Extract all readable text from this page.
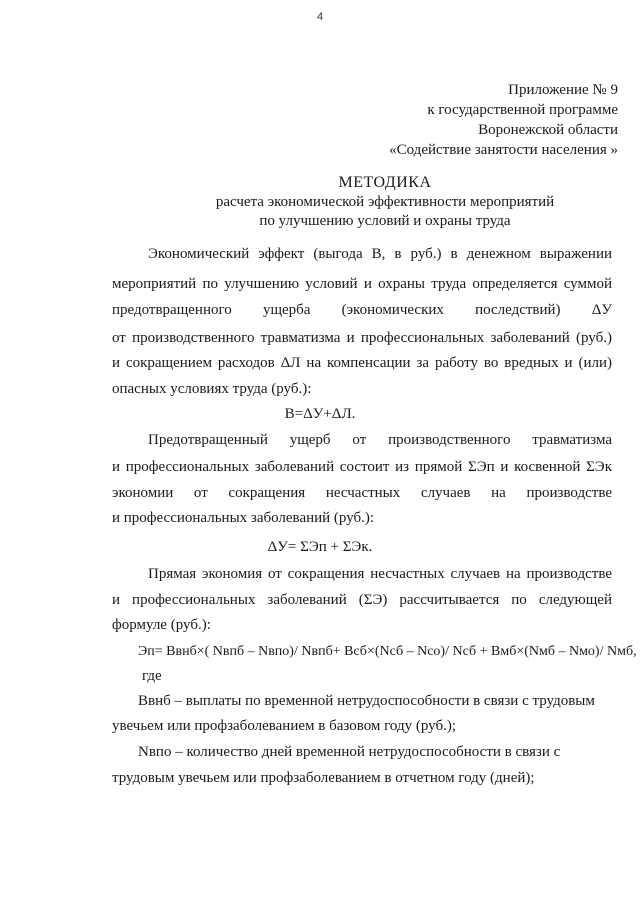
4
Приложение № 9
к государственной программе
Воронежской области
«Содействие занятости населения »
МЕТОДИКА
расчета экономической эффективности мероприятий
по улучшению условий и охраны труда
Экономический эффект (выгода В, в руб.) в денежном выражении
мероприятий по улучшению условий и охраны труда определяется суммой
предотвращенного ущерба (экономических последствий) ΔУ
от производственного травматизма и профессиональных заболеваний (руб.)
и сокращением расходов ΔЛ на компенсации за работу во вредных и (или)
опасных условиях труда (руб.):
В=ΔУ+ΔЛ.
Предотвращенный ущерб от производственного травматизма
и профессиональных заболеваний состоит из прямой ΣЭп и косвенной ΣЭк
экономии от сокращения несчастных случаев на производстве
и профессиональных заболеваний (руб.):
ΔУ= ΣЭп + ΣЭк.
Прямая экономия от сокращения несчастных случаев на производстве
и профессиональных заболеваний (ΣЭ) рассчитывается по следующей
формуле (руб.):
Эп= Bвнб×( Nвпб – Nвпо)/ Nвпб+ Всб×(Nсб – Nсо)/ Nсб + Вмб×(Nмб – Nмо)/ Nмб,
где
Bвнб – выплаты по временной нетрудоспособности в связи с трудовым
увечьем или профзаболеванием в базовом году (руб.);
Nвпо – количество дней временной нетрудоспособности в связи с
трудовым увечьем или профзаболеванием в отчетном году (дней);
